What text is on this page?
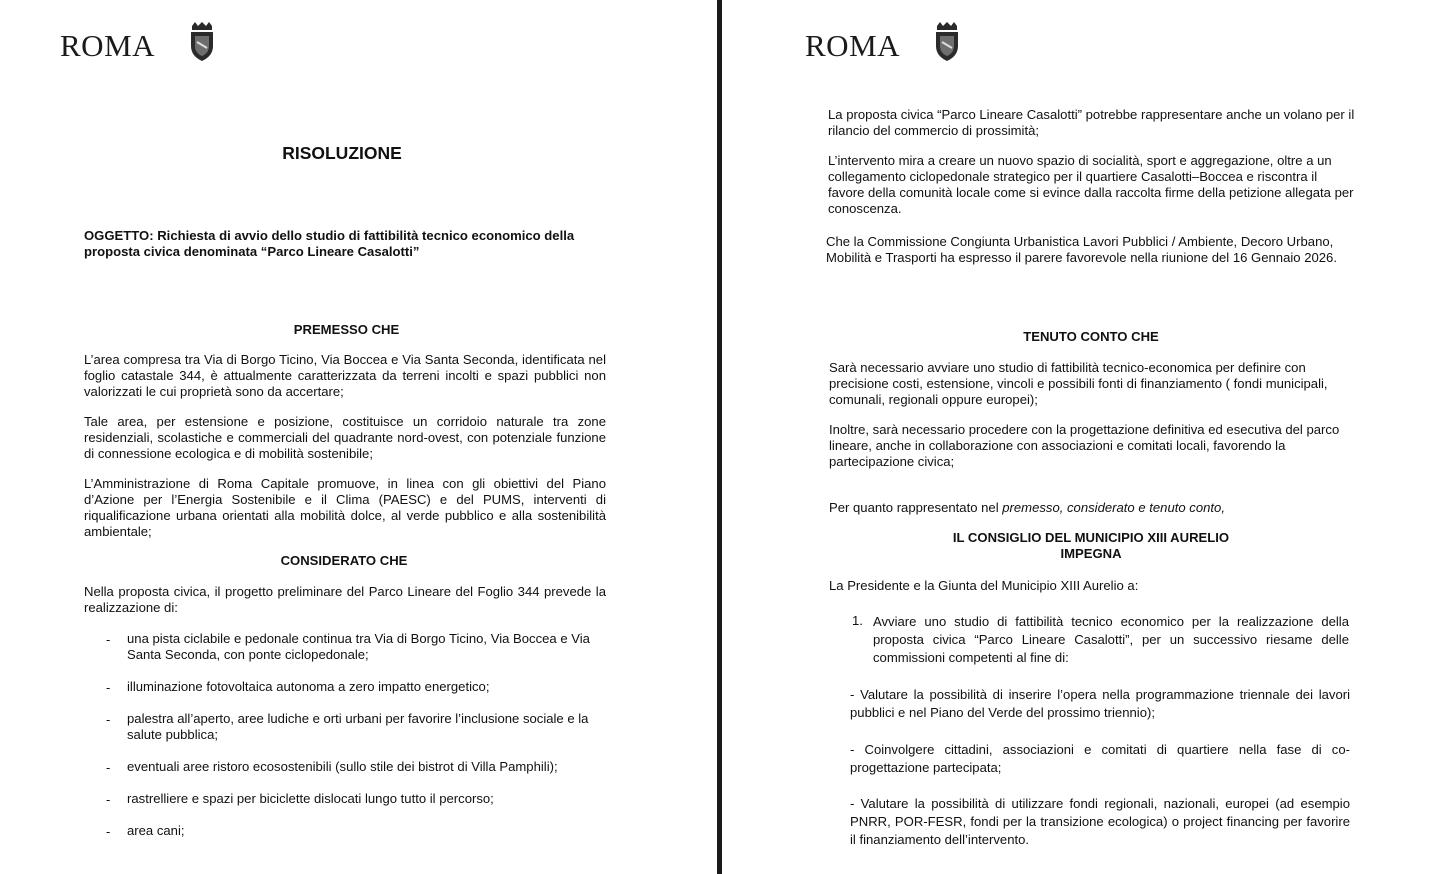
ROMA
RISOLUZIONE

OGGETTO: Richiesta di avvio dello studio di fattibilità tecnico economico della proposta civica denominata “Parco Lineare Casalotti”

PREMESSO CHE

L’area compresa tra Via di Borgo Ticino, Via Boccea e Via Santa Seconda, identificata nel foglio catastale 344, è attualmente caratterizzata da terreni incolti e spazi pubblici non valorizzati le cui proprietà sono da accertare;

Tale area, per estensione e posizione, costituisce un corridoio naturale tra zone residenziali, scolastiche e commerciali del quadrante nord-ovest, con potenziale funzione di connessione ecologica e di mobilità sostenibile;

L’Amministrazione di Roma Capitale promuove, in linea con gli obiettivi del Piano d’Azione per l’Energia Sostenibile e il Clima (PAESC) e del PUMS, interventi di riqualificazione urbana orientati alla mobilità dolce, al verde pubblico e alla sostenibilità ambientale;

CONSIDERATO CHE

Nella proposta civica, il progetto preliminare del Parco Lineare del Foglio 344 prevede la realizzazione di:

- una pista ciclabile e pedonale continua tra Via di Borgo Ticino, Via Boccea e Via Santa Seconda, con ponte ciclopedonale;

- illuminazione fotovoltaica autonoma a zero impatto energetico;

- palestra all’aperto, aree ludiche e orti urbani per favorire l’inclusione sociale e la salute pubblica;

- eventuali aree ristoro ecosostenibili (sullo stile dei bistrot di Villa Pamphili);

- rastrelliere e spazi per biciclette dislocati lungo tutto il percorso;

- area cani;

ROMA

La proposta civica “Parco Lineare Casalotti” potrebbe rappresentare anche un volano per il rilancio del commercio di prossimità;

L’intervento mira a creare un nuovo spazio di socialità, sport e aggregazione, oltre a un collegamento ciclopedonale strategico per il quartiere Casalotti–Boccea e riscontra il favore della comunità locale come si evince dalla raccolta firme della petizione allegata per conoscenza.

Che la Commissione Congiunta Urbanistica Lavori Pubblici / Ambiente, Decoro Urbano, Mobilità e Trasporti ha espresso il parere favorevole nella riunione del 16 Gennaio 2026.

TENUTO CONTO CHE

Sarà necessario avviare uno studio di fattibilità tecnico-economica per definire con precisione costi, estensione, vincoli e possibili fonti di finanziamento ( fondi municipali, comunali, regionali oppure europei);

Inoltre, sarà necessario procedere con la progettazione definitiva ed esecutiva del parco lineare, anche in collaborazione con associazioni e comitati locali, favorendo la partecipazione civica;

Per quanto rappresentato nel premesso, considerato e tenuto conto,

IL CONSIGLIO DEL MUNICIPIO XIII AURELIO
IMPEGNA

La Presidente e la Giunta del Municipio XIII Aurelio a:

1. Avviare uno studio di fattibilità tecnico economico per la realizzazione della proposta civica “Parco Lineare Casalotti”, per un successivo riesame delle commissioni competenti al fine di:

- Valutare la possibilità di inserire l’opera nella programmazione triennale dei lavori pubblici e nel Piano del Verde del prossimo triennio);

- Coinvolgere cittadini, associazioni e comitati di quartiere nella fase di co-progettazione partecipata;

- Valutare la possibilità di utilizzare fondi regionali, nazionali, europei (ad esempio PNRR, POR-FESR, fondi per la transizione ecologica) o project financing per favorire il finanziamento dell’intervento.
